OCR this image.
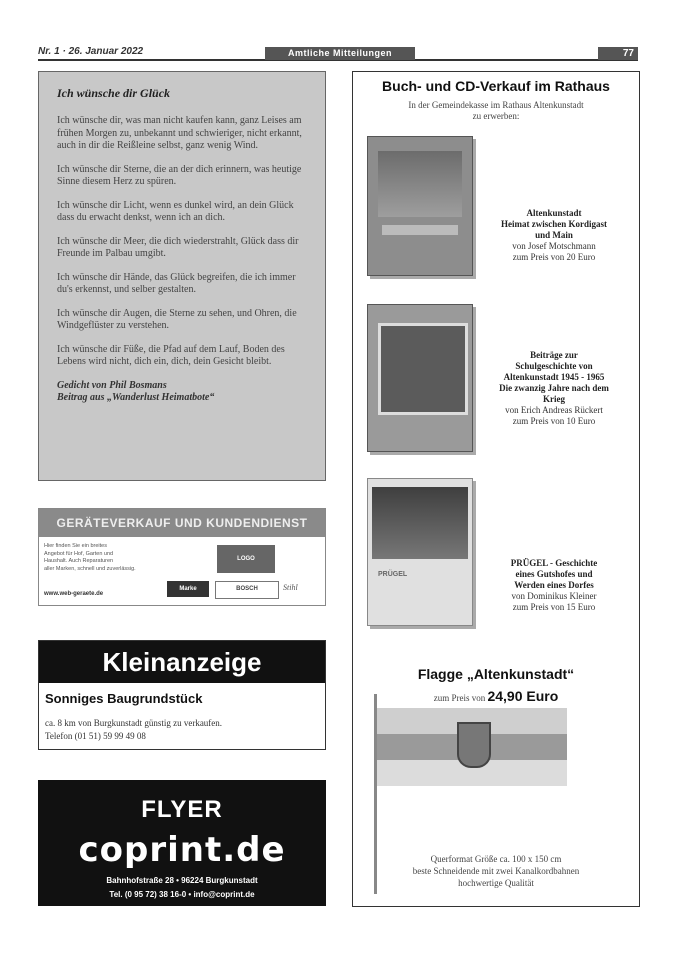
Nr. 1 · 26. Januar 2022	Amtliche Mitteilungen	77
Ich wünsche dir Glück
Ich wünsche dir, was man nicht kaufen kann, ganz Leises am frühen Morgen zu, unbekannt und schwieriger, nicht erkannt, auch in dir die Reißleine selbst, ganz wenig Wind.
Ich wünsche dir Sterne, die an der dich erinnern, was heutige Sinne diesem Herz zu spüren.
Ich wünsche dir Licht, wenn es dunkel wird, an dein Glück dass du erwacht denkst, wenn ich an dich.
Ich wünsche dir Meer, die dich wiederstrahlt, Glück dass dir Freunde im Palbau umgibt.
Ich wünsche dir Hände, das Glück begreifen, die ich immer du's erkennst, und selber gestalten.
Ich wünsche dir Augen, die Sterne zu sehen, und Ohren, die Windgeflüster zu verstehen.
Ich wünsche dir Füße, die Pfad auf dem Lauf, Boden des Lebens wird nicht, dich ein, dich, dein Gesicht bleibt.
Gedicht von Phil Bosmans
Beitrag aus „Wanderlust Heimatbote“
GERÄTEVERKAUF UND KUNDENDIENST
Hier finden Sie ein breites
Angebot für Hof, Garten und
Haushalt. Auch Reparaturen
aller Marken, schnell und zuverlässig.
www.web-geraete.de
LOGO
Marke	BOSCH	Stihl
Kleinanzeige
Sonniges Baugrundstück
ca. 8 km von Burgkunstadt günstig zu verkaufen.
Telefon (01 51) 59 99 49 08
FLYER
coprint.de
Bahnhofstraße 28 • 96224 Burgkunstadt
Tel. (0 95 72) 38 16-0 • info@coprint.de
Buch- und CD-Verkauf im Rathaus
In der Gemeindekasse im Rathaus Altenkunstadt
zu erwerben:
Altenkunstadt
Heimat zwischen Kordigast
und Main
von Josef Motschmann
zum Preis von 20 Euro
Beiträge zur
Schulgeschichte von
Altenkunstadt 1945 - 1965
Die zwanzig Jahre nach dem
Krieg
von Erich Andreas Rückert
zum Preis von 10 Euro
PRÜGEL
PRÜGEL - Geschichte
eines Gutshofes und
Werden eines Dorfes
von Dominikus Kleiner
zum Preis von 15 Euro
Flagge „Altenkunstadt“
zum Preis von 24,90 Euro
Querformat Größe ca. 100 x 150 cm
beste Schneidende mit zwei Kanalkordbahnen
hochwertige Qualität
